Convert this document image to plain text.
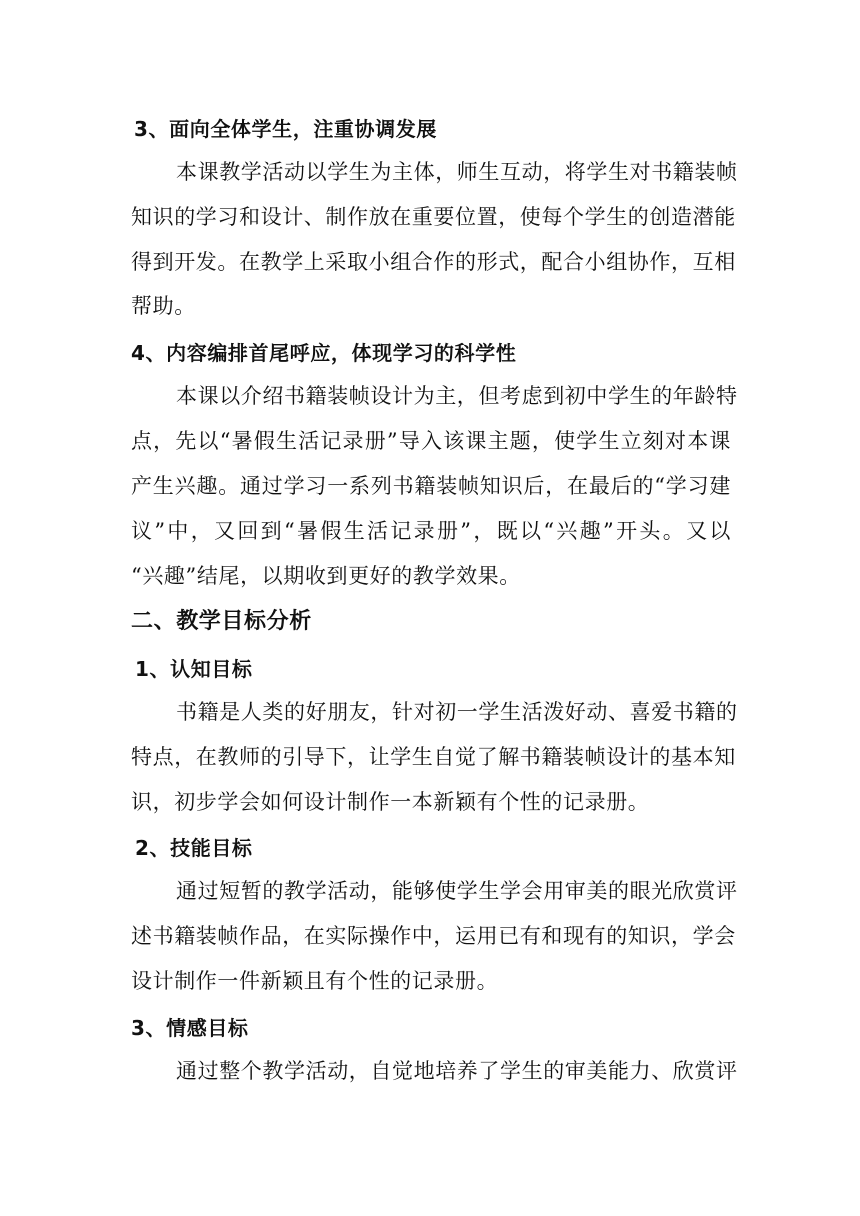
3、面向全体学生，注重协调发展
本课教学活动以学生为主体，师生互动，将学生对书籍装帧
知识的学习和设计、制作放在重要位置，使每个学生的创造潜能
得到开发。在教学上采取小组合作的形式，配合小组协作，互相
帮助。
4、内容编排首尾呼应，体现学习的科学性
本课以介绍书籍装帧设计为主，但考虑到初中学生的年龄特
点，先以“暑假生活记录册”导入该课主题，使学生立刻对本课
产生兴趣。通过学习一系列书籍装帧知识后，在最后的“学习建
议”中，又回到“暑假生活记录册”，既以“兴趣”开头。又以
“兴趣”结尾，以期收到更好的教学效果。
二、教学目标分析
1、认知目标
书籍是人类的好朋友，针对初一学生活泼好动、喜爱书籍的
特点，在教师的引导下，让学生自觉了解书籍装帧设计的基本知
识，初步学会如何设计制作一本新颖有个性的记录册。
2、技能目标
通过短暂的教学活动，能够使学生学会用审美的眼光欣赏评
述书籍装帧作品，在实际操作中，运用已有和现有的知识，学会
设计制作一件新颖且有个性的记录册。
3、情感目标
通过整个教学活动，自觉地培养了学生的审美能力、欣赏评
